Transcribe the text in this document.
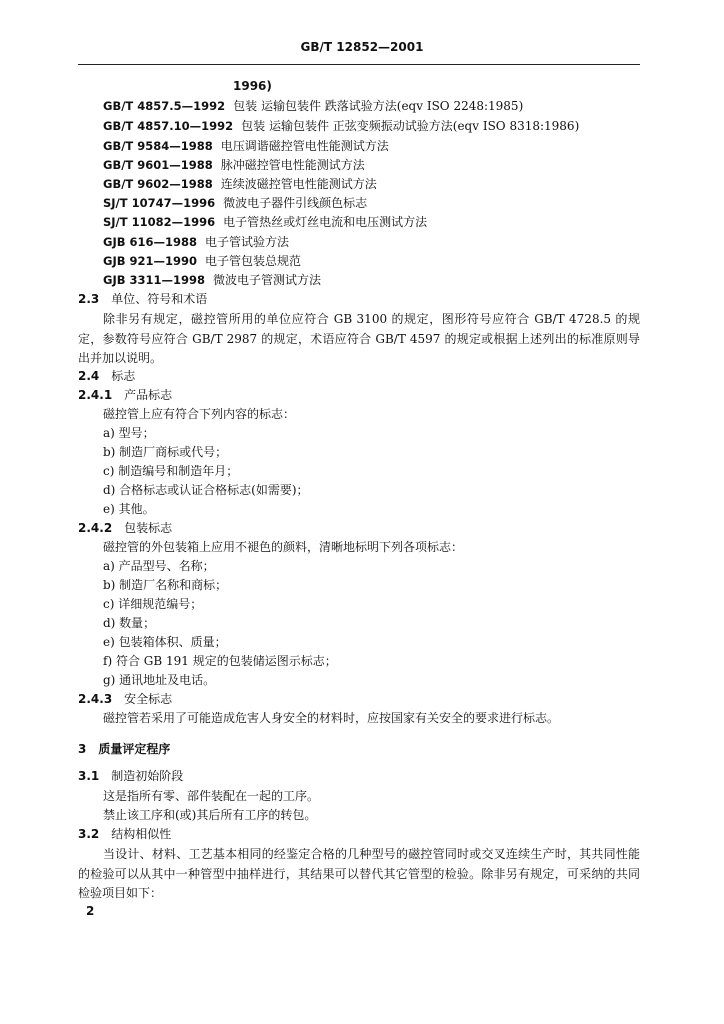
GB/T 12852—2001
1996)
GB/T 4857.5—1992 包装 运输包装件 跌落试验方法(eqv ISO 2248:1985)
GB/T 4857.10—1992 包装 运输包装件 正弦变频振动试验方法(eqv ISO 8318:1986)
GB/T 9584—1988 电压调谐磁控管电性能测试方法
GB/T 9601—1988 脉冲磁控管电性能测试方法
GB/T 9602—1988 连续波磁控管电性能测试方法
SJ/T 10747—1996 微波电子器件引线颜色标志
SJ/T 11082—1996 电子管热丝或灯丝电流和电压测试方法
GJB 616—1988 电子管试验方法
GJB 921—1990 电子管包装总规范
GJB 3311—1998 微波电子管测试方法
2.3 单位、符号和术语
除非另有规定，磁控管所用的单位应符合 GB 3100 的规定，图形符号应符合 GB/T 4728.5 的规定，参数符号应符合 GB/T 2987 的规定，术语应符合 GB/T 4597 的规定或根据上述列出的标准原则导出并加以说明。
2.4 标志
2.4.1 产品标志
磁控管上应有符合下列内容的标志：
a) 型号；
b) 制造厂商标或代号；
c) 制造编号和制造年月；
d) 合格标志或认证合格标志(如需要)；
e) 其他。
2.4.2 包装标志
磁控管的外包装箱上应用不褪色的颜料，清晰地标明下列各项标志：
a) 产品型号、名称；
b) 制造厂名称和商标；
c) 详细规范编号；
d) 数量；
e) 包装箱体积、质量；
f) 符合 GB 191 规定的包装储运图示标志；
g) 通讯地址及电话。
2.4.3 安全标志
磁控管若采用了可能造成危害人身安全的材料时，应按国家有关安全的要求进行标志。
3 质量评定程序
3.1 制造初始阶段
这是指所有零、部件装配在一起的工序。
禁止该工序和(或)其后所有工序的转包。
3.2 结构相似性
当设计、材料、工艺基本相同的经鉴定合格的几种型号的磁控管同时或交叉连续生产时，其共同性能的检验可以从其中一种管型中抽样进行，其结果可以替代其它管型的检验。除非另有规定，可采纳的共同检验项目如下：
2
